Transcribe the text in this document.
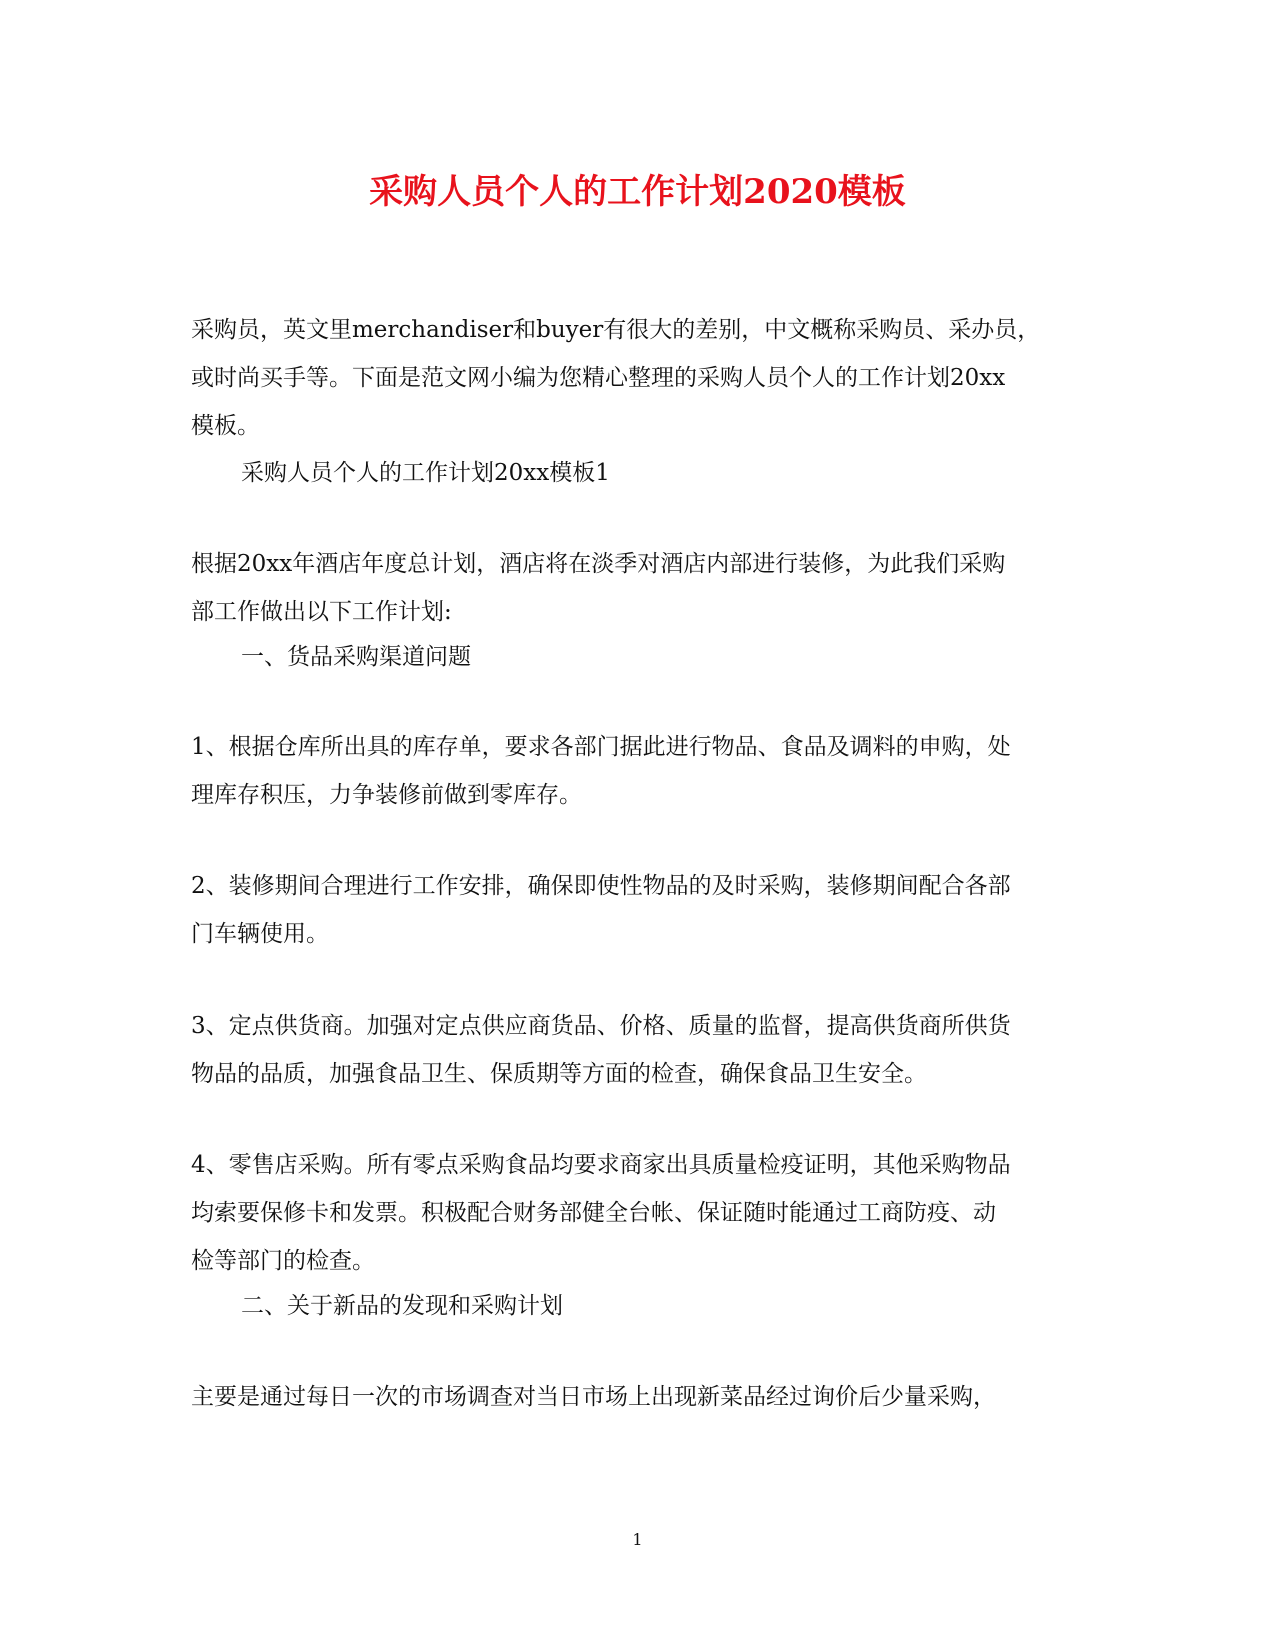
采购人员个人的工作计划2020模板

采购员，英文里merchandiser和buyer有很大的差别，中文概称采购员、采办员，
或时尚买手等。下面是范文网小编为您精心整理的采购人员个人的工作计划20xx
模板。

采购人员个人的工作计划20xx模板1

根据20xx年酒店年度总计划，酒店将在淡季对酒店内部进行装修，为此我们采购
部工作做出以下工作计划:

一、货品采购渠道问题

1、根据仓库所出具的库存单，要求各部门据此进行物品、食品及调料的申购，处
理库存积压，力争装修前做到零库存。

2、装修期间合理进行工作安排，确保即使性物品的及时采购，装修期间配合各部
门车辆使用。

3、定点供货商。加强对定点供应商货品、价格、质量的监督，提高供货商所供货
物品的品质，加强食品卫生、保质期等方面的检查，确保食品卫生安全。

4、零售店采购。所有零点采购食品均要求商家出具质量检疫证明，其他采购物品
均索要保修卡和发票。积极配合财务部健全台帐、保证随时能通过工商防疫、动
检等部门的检查。

二、关于新品的发现和采购计划

主要是通过每日一次的市场调查对当日市场上出现新菜品经过询价后少量采购，

1
